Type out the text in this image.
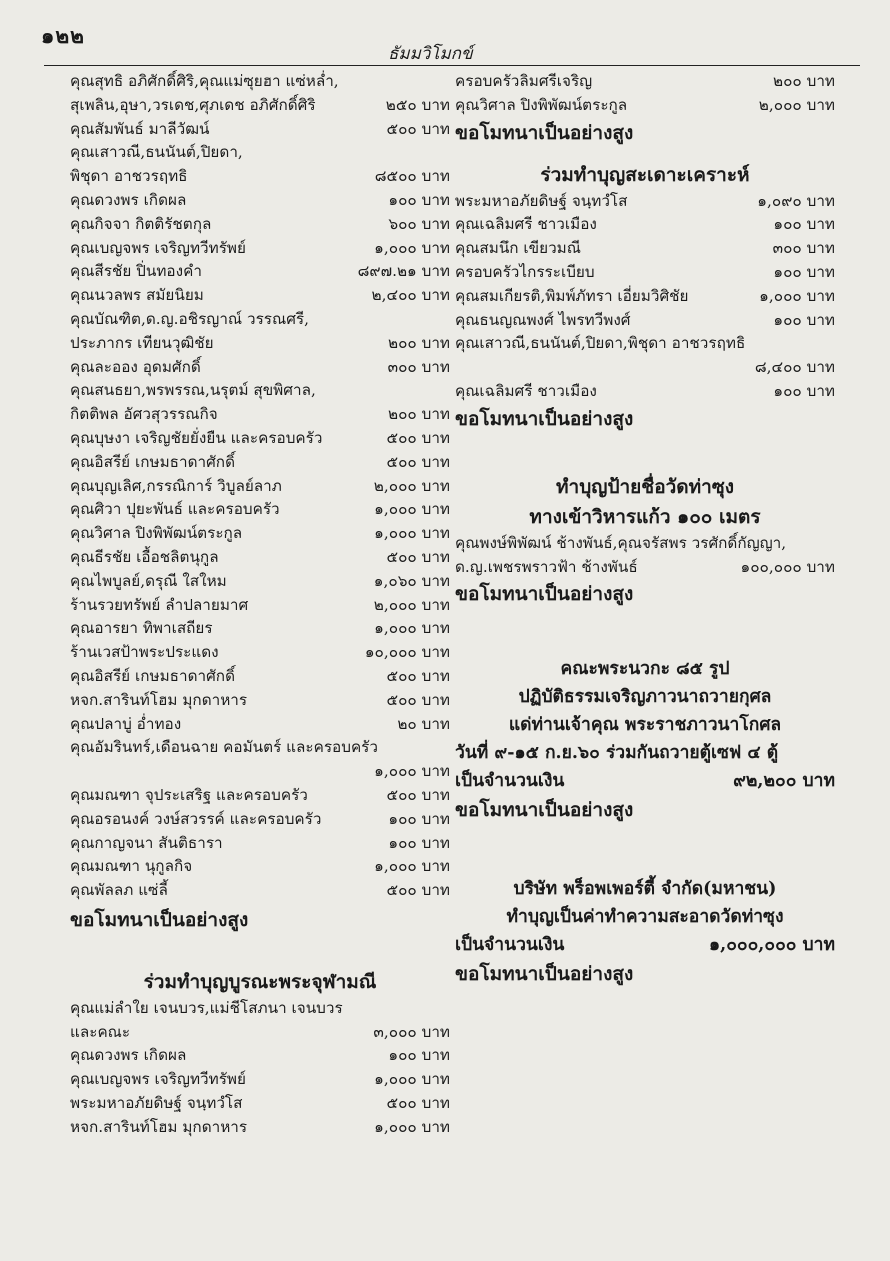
๑๒๒
ธัมมวิโมกข์
คุณสุทธิ อภิศักดิ์ศิริ,คุณแม่ซุยฮา แซ่หล่ำ,
สุเพลิน,อุษา,วรเดช,ศุภเดช อภิศักดิ์ศิริ	๒๕๐ บาท
คุณสัมพันธ์ มาลีวัฒน์	๕๐๐ บาท
คุณเสาวณี,ธนนันต์,ปิยดา,
พิชุดา อาชวรฤทธิ	๘๕๐๐ บาท
คุณดวงพร เกิดผล	๑๐๐ บาท
คุณกิจจา กิตติรัชตกุล	๖๐๐ บาท
คุณเบญจพร เจริญทวีทรัพย์	๑,๐๐๐ บาท
คุณสีรชัย ปิ่นทองคำ	๘๙๗.๒๑ บาท
คุณนวลพร สมัยนิยม	๒,๔๐๐ บาท
คุณบัณฑิต,ด.ญ.อชิรญาณ์ วรรณศรี,
ประภากร เทียนวุฒิชัย	๒๐๐ บาท
คุณละออง อุดมศักดิ์	๓๐๐ บาท
คุณสนธยา,พรพรรณ,นรุตม์ สุขพิศาล,
กิตติพล อัศวสุวรรณกิจ	๒๐๐ บาท
คุณบุษงา เจริญชัยยั่งยืน และครอบครัว	๕๐๐ บาท
คุณอิสรีย์ เกษมธาดาศักดิ์	๕๐๐ บาท
คุณบุญเลิศ,กรรณิการ์ วิบูลย์ลาภ	๒,๐๐๐ บาท
คุณศิวา ปุยะพันธ์ และครอบครัว	๑,๐๐๐ บาท
คุณวิศาล ปิงพิพัฒน์ตระกูล	๑,๐๐๐ บาท
คุณธีรชัย เอื้อชลิตนุกูล	๕๐๐ บาท
คุณไพบูลย์,ดรุณี ใสใหม	๑,๐๖๐ บาท
ร้านรวยทรัพย์ ลำปลายมาศ	๒,๐๐๐ บาท
คุณอารยา ทิพาเสถียร	๑,๐๐๐ บาท
ร้านเวสป้าพระประแดง	๑๐,๐๐๐ บาท
คุณอิสรีย์ เกษมธาดาศักดิ์	๕๐๐ บาท
หจก.สารินท์โฮม มุกดาหาร	๕๐๐ บาท
คุณปลาบู่ อ่ำทอง	๒๐ บาท
คุณอัมรินทร์,เดือนฉาย คอมันตร์ และครอบครัว
๑,๐๐๐ บาท
คุณมณฑา จุประเสริฐ และครอบครัว	๕๐๐ บาท
คุณอรอนงค์ วงษ์สวรรค์ และครอบครัว	๑๐๐ บาท
คุณกาญจนา สันติธารา	๑๐๐ บาท
คุณมณฑา นุกูลกิจ	๑,๐๐๐ บาท
คุณพัลลภ แซ่ลี้	๕๐๐ บาท
ขอโมทนาเป็นอย่างสูง
ร่วมทำบุญบูรณะพระจุฬามณี
คุณแม่ลำใย เจนบวร,แม่ชีโสภนา เจนบวร
และคณะ	๓,๐๐๐ บาท
คุณดวงพร เกิดผล	๑๐๐ บาท
คุณเบญจพร เจริญทวีทรัพย์	๑,๐๐๐ บาท
พระมหาอภัยดิษฐ์ จนฺทวํโส	๕๐๐ บาท
หจก.สารินท์โฮม มุกดาหาร	๑,๐๐๐ บาท
ครอบครัวลิมศรีเจริญ	๒๐๐ บาท
คุณวิศาล ปิงพิพัฒน์ตระกูล	๒,๐๐๐ บาท
ขอโมทนาเป็นอย่างสูง
ร่วมทำบุญสะเดาะเคราะห์
พระมหาอภัยดิษฐ์ จนฺทวํโส	๑,๐๙๐ บาท
คุณเฉลิมศรี ชาวเมือง	๑๐๐ บาท
คุณสมนึก เขียวมณี	๓๐๐ บาท
ครอบครัวไกรระเบียบ	๑๐๐ บาท
คุณสมเกียรติ,พิมพ์ภัทรา เอี่ยมวิศิชัย	๑,๐๐๐ บาท
คุณธนญณพงศ์ ไพรทวีพงศ์	๑๐๐ บาท
คุณเสาวณี,ธนนันต์,ปิยดา,พิชุดา อาชวรฤทธิ
๘,๔๐๐ บาท
คุณเฉลิมศรี ชาวเมือง	๑๐๐ บาท
ขอโมทนาเป็นอย่างสูง
ทำบุญป้ายชื่อวัดท่าซุง
ทางเข้าวิหารแก้ว ๑๐๐ เมตร
คุณพงษ์พิพัฒน์ ช้างพันธ์,คุณจรัสพร วรศักดิ์กัญญา,
ด.ญ.เพชรพราวฟ้า ช้างพันธ์	๑๐๐,๐๐๐ บาท
ขอโมทนาเป็นอย่างสูง
คณะพระนวกะ ๘๕ รูป
ปฏิบัติธรรมเจริญภาวนาถวายกุศล
แด่ท่านเจ้าคุณ พระราชภาวนาโกศล
วันที่ ๙-๑๕ ก.ย.๖๐ ร่วมกันถวายตู้เซฟ ๔ ตู้
เป็นจำนวนเงิน	๙๒,๒๐๐ บาท
ขอโมทนาเป็นอย่างสูง
บริษัท พร็อพเพอร์ตี้ จำกัด(มหาชน)
ทำบุญเป็นค่าทำความสะอาดวัดท่าซุง
เป็นจำนวนเงิน	๑,๐๐๐,๐๐๐ บาท
ขอโมทนาเป็นอย่างสูง
